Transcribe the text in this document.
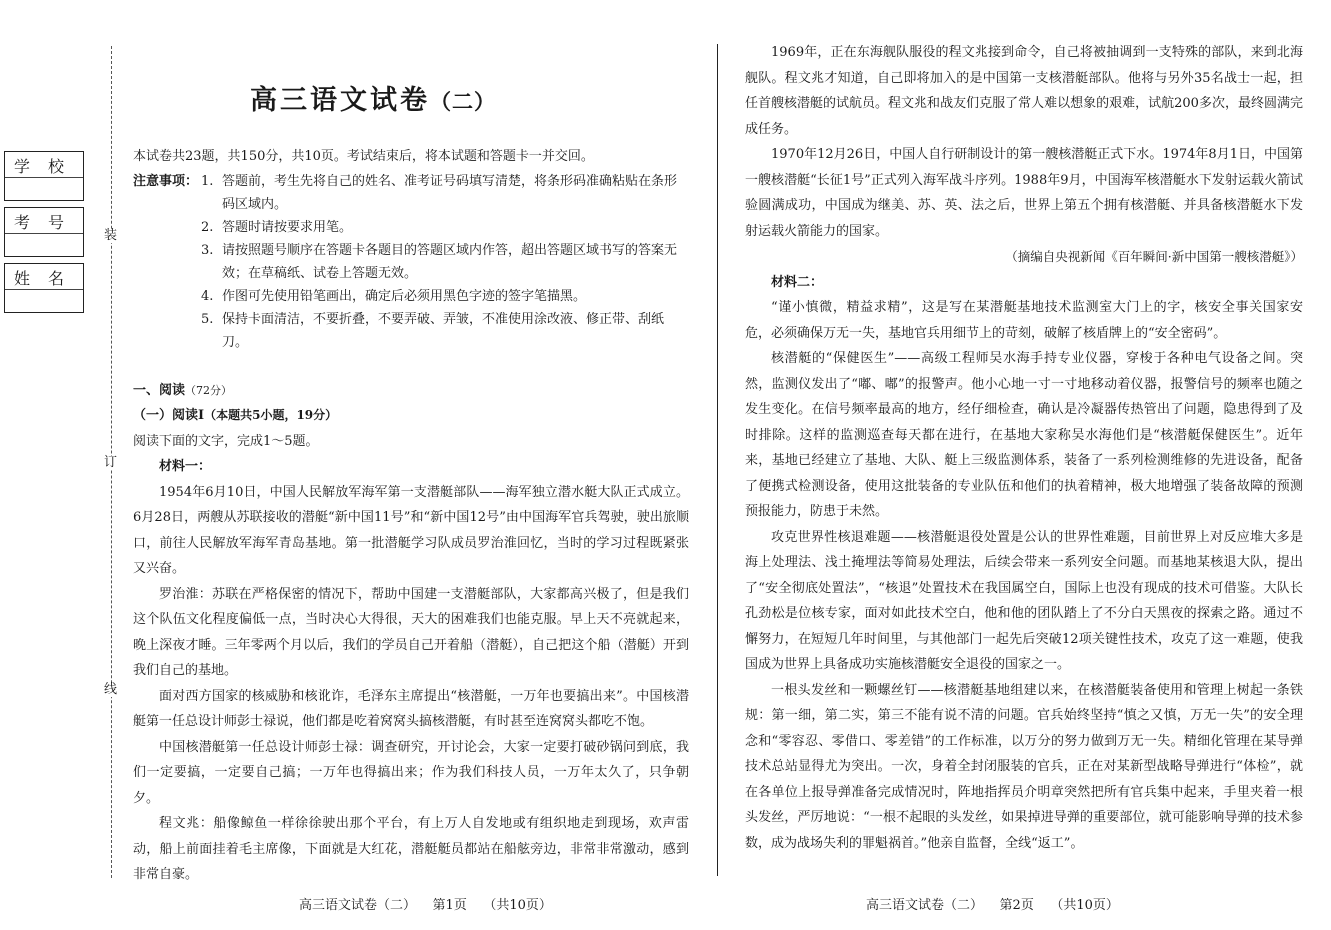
学校
考号
姓名
装
订
线
高三语文试卷（二）

本试卷共23题，共150分，共10页。考试结束后，将本试题和答题卡一并交回。

注意事项： 1. 答题前，考生先将自己的姓名、准考证号码填写清楚，将条形码准确粘贴在条形码区域内。
2. 答题时请按要求用笔。
3. 请按照题号顺序在答题卡各题目的答题区域内作答，超出答题区域书写的答案无效；在草稿纸、试卷上答题无效。
4. 作图可先使用铅笔画出，确定后必须用黑色字迹的签字笔描黑。
5. 保持卡面清洁，不要折叠，不要弄破、弄皱，不准使用涂改液、修正带、刮纸刀。

一、阅读（72分）

（一）阅读Ⅰ（本题共5小题，19分）

阅读下面的文字，完成1～5题。

材料一：

1954年6月10日，中国人民解放军海军第一支潜艇部队——海军独立潜水艇大队正式成立。6月28日，两艘从苏联接收的潜艇“新中国11号”和“新中国12号”由中国海军官兵驾驶，驶出旅顺口，前往人民解放军海军青岛基地。第一批潜艇学习队成员罗治淮回忆，当时的学习过程既紧张又兴奋。

罗治淮：苏联在严格保密的情况下，帮助中国建一支潜艇部队，大家都高兴极了，但是我们这个队伍文化程度偏低一点，当时决心大得很，天大的困难我们也能克服。早上天不亮就起来，晚上深夜才睡。三年零两个月以后，我们的学员自己开着船（潜艇），自己把这个船（潜艇）开到我们自己的基地。

面对西方国家的核威胁和核讹诈，毛泽东主席提出“核潜艇，一万年也要搞出来”。中国核潜艇第一任总设计师彭士禄说，他们都是吃着窝窝头搞核潜艇，有时甚至连窝窝头都吃不饱。

中国核潜艇第一任总设计师彭士禄：调查研究，开讨论会，大家一定要打破砂锅问到底，我们一定要搞，一定要自己搞；一万年也得搞出来；作为我们科技人员，一万年太久了，只争朝夕。

程文兆：船像鲸鱼一样徐徐驶出那个平台，有上万人自发地或有组织地走到现场，欢声雷动，船上前面挂着毛主席像，下面就是大红花，潜艇艇员都站在船舷旁边，非常非常激动，感到非常自豪。

1969年，正在东海舰队服役的程文兆接到命令，自己将被抽调到一支特殊的部队，来到北海舰队。程文兆才知道，自己即将加入的是中国第一支核潜艇部队。他将与另外35名战士一起，担任首艘核潜艇的试航员。程文兆和战友们克服了常人难以想象的艰难，试航200多次，最终圆满完成任务。

1970年12月26日，中国人自行研制设计的第一艘核潜艇正式下水。1974年8月1日，中国第一艘核潜艇“长征1号”正式列入海军战斗序列。1988年9月，中国海军核潜艇水下发射运载火箭试验圆满成功，中国成为继美、苏、英、法之后，世界上第五个拥有核潜艇、并具备核潜艇水下发射运载火箭能力的国家。

（摘编自央视新闻《百年瞬间·新中国第一艘核潜艇》）

材料二：

“谨小慎微，精益求精”，这是写在某潜艇基地技术监测室大门上的字，核安全事关国家安危，必须确保万无一失，基地官兵用细节上的苛刻，破解了核盾牌上的“安全密码”。

核潜艇的“保健医生”——高级工程师吴水海手持专业仪器，穿梭于各种电气设备之间。突然，监测仪发出了“嘟、嘟”的报警声。他小心地一寸一寸地移动着仪器，报警信号的频率也随之发生变化。在信号频率最高的地方，经仔细检查，确认是冷凝器传热管出了问题，隐患得到了及时排除。这样的监测巡查每天都在进行，在基地大家称吴水海他们是“核潜艇保健医生”。近年来，基地已经建立了基地、大队、艇上三级监测体系，装备了一系列检测维修的先进设备，配备了便携式检测设备，使用这批装备的专业队伍和他们的执着精神，极大地增强了装备故障的预测预报能力，防患于未然。

攻克世界性核退难题——核潜艇退役处置是公认的世界性难题，目前世界上对反应堆大多是海上处理法、浅土掩埋法等简易处理法，后续会带来一系列安全问题。而基地某核退大队，提出了“安全彻底处置法”，“核退”处置技术在我国属空白，国际上也没有现成的技术可借鉴。大队长孔劲松是位核专家，面对如此技术空白，他和他的团队踏上了不分白天黑夜的探索之路。通过不懈努力，在短短几年时间里，与其他部门一起先后突破12项关键性技术，攻克了这一难题，使我国成为世界上具备成功实施核潜艇安全退役的国家之一。

一根头发丝和一颗螺丝钉——核潜艇基地组建以来，在核潜艇装备使用和管理上树起一条铁规：第一细，第二实，第三不能有说不清的问题。官兵始终坚持“慎之又慎，万无一失”的安全理念和“零容忍、零借口、零差错”的工作标准，以万分的努力做到万无一失。精细化管理在某导弹技术总站显得尤为突出。一次，身着全封闭服装的官兵，正在对某新型战略导弹进行“体检”，就在各单位上报导弹准备完成情况时，阵地指挥员介明章突然把所有官兵集中起来，手里夹着一根头发丝，严厉地说：“一根不起眼的头发丝，如果掉进导弹的重要部位，就可能影响导弹的技术参数，成为战场失利的罪魁祸首。”他亲自监督，全线“返工”。

高三语文试卷（二） 第1页 （共10页）	高三语文试卷（二） 第2页 （共10页）
